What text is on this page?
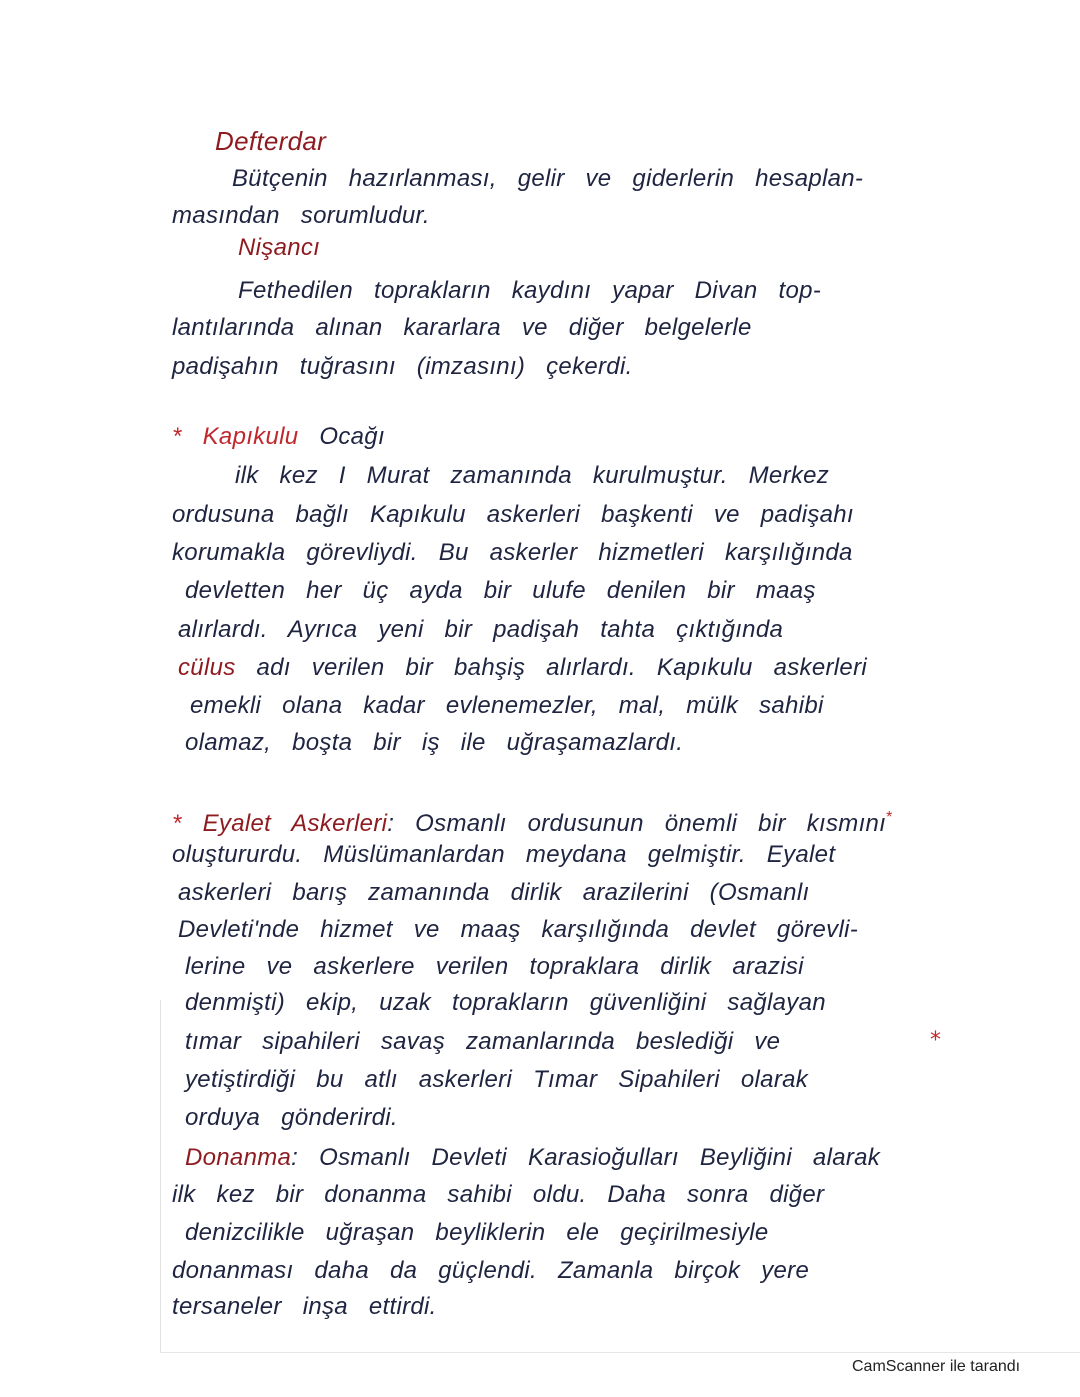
Defterdar
Bütçenin hazırlanması, gelir ve giderlerin hesaplan-
masından sorumludur.
Nişancı
Fethedilen toprakların kaydını yapar Divan top-
lantılarında alınan kararlara ve diğer belgelerle
padişahın tuğrasını (imzasını) çekerdi.
* Kapıkulu Ocağı
ilk kez I Murat zamanında kurulmuştur. Merkez
ordusuna bağlı Kapıkulu askerleri başkenti ve padişahı
korumakla görevliydi. Bu askerler hizmetleri karşılığında
devletten her üç ayda bir ulufe denilen bir maaş
alırlardı. Ayrıca yeni bir padişah tahta çıktığında
cülus adı verilen bir bahşiş alırlardı. Kapıkulu askerleri
emekli olana kadar evlenemezler, mal, mülk sahibi
olamaz, boşta bir iş ile uğraşamazlardı.
* Eyalet Askerleri: Osmanlı ordusunun önemli bir kısmını*
oluştururdu. Müslümanlardan meydana gelmiştir. Eyalet
askerleri barış zamanında dirlik arazilerini (Osmanlı
Devleti'nde hizmet ve maaş karşılığında devlet görevli-
lerine ve askerlere verilen topraklara dirlik arazisi
denmişti) ekip, uzak toprakların güvenliğini sağlayan
tımar sipahileri savaş zamanlarında beslediği ve	*
yetiştirdiği bu atlı askerleri Tımar Sipahileri olarak
orduya gönderirdi.
Donanma: Osmanlı Devleti Karasioğulları Beyliğini alarak
ilk kez bir donanma sahibi oldu. Daha sonra diğer
denizcilikle uğraşan beyliklerin ele geçirilmesiyle
donanması daha da güçlendi. Zamanla birçok yere
tersaneler inşa ettirdi.
CamScanner ile tarandı
